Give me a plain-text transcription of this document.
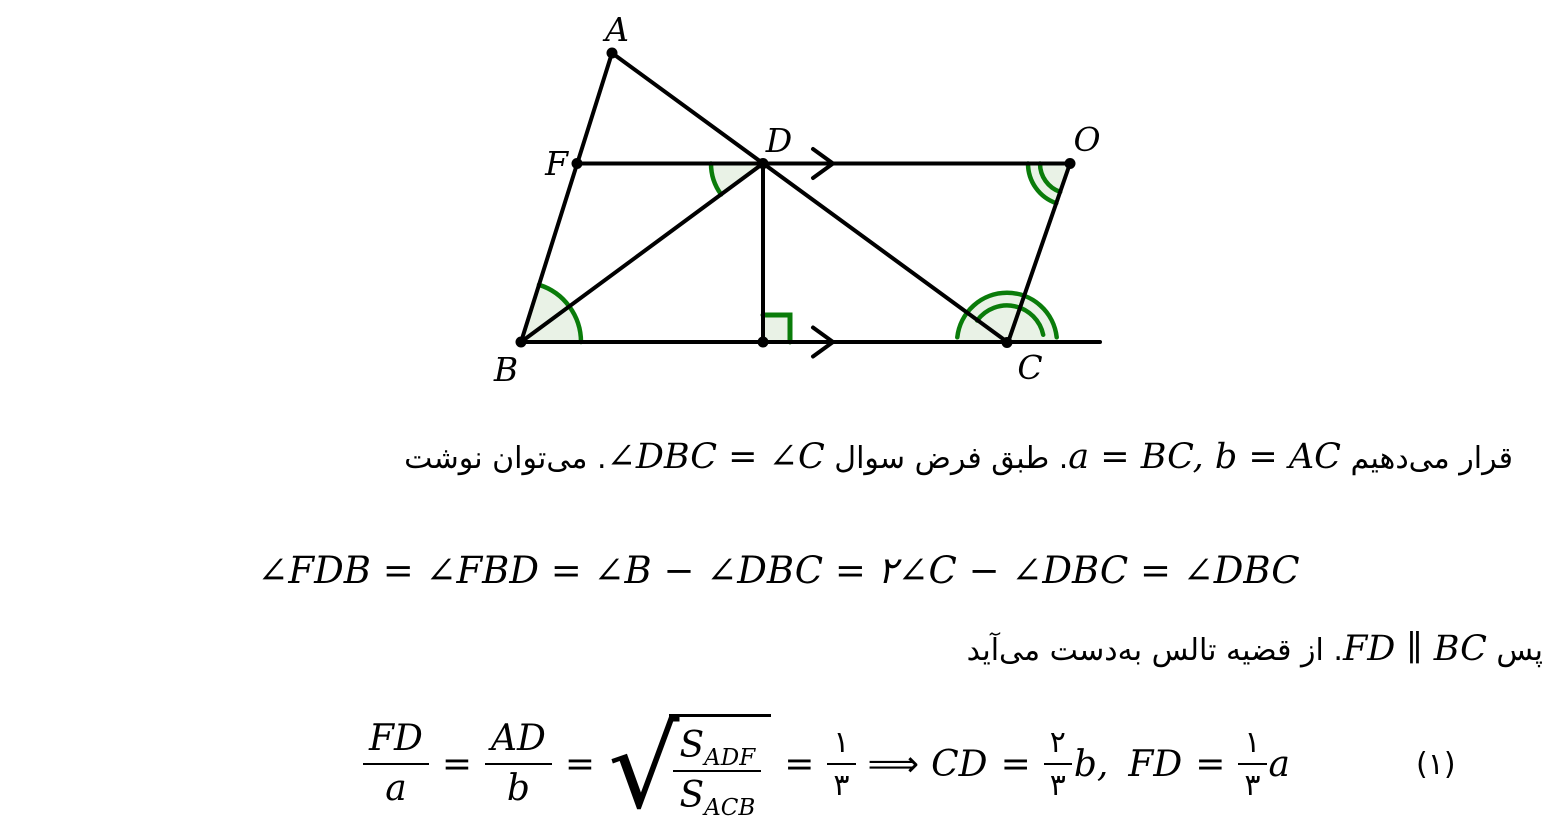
A
F
D	O
B	C
قرار می‌دهیم a = BC, b = AC. طبق فرض سوال ∠DBC = ∠C. می‌توان نوشت
∠FDB = ∠FBD = ∠B − ∠DBC = ۲∠C − ∠DBC = ∠DBC
پس FD ∥ BC. از قضیه تالس به‌دست می‌آید
$\frac{FD}{a} = \frac{AD}{b}$ = √
$\frac{S_{ADF}}{S_{ACB}} = \frac{۱}{۳}$ ⟹ CD = $\frac{۲}{۳} b$, FD = $\frac{۱}{۳}$ a	(۱)
